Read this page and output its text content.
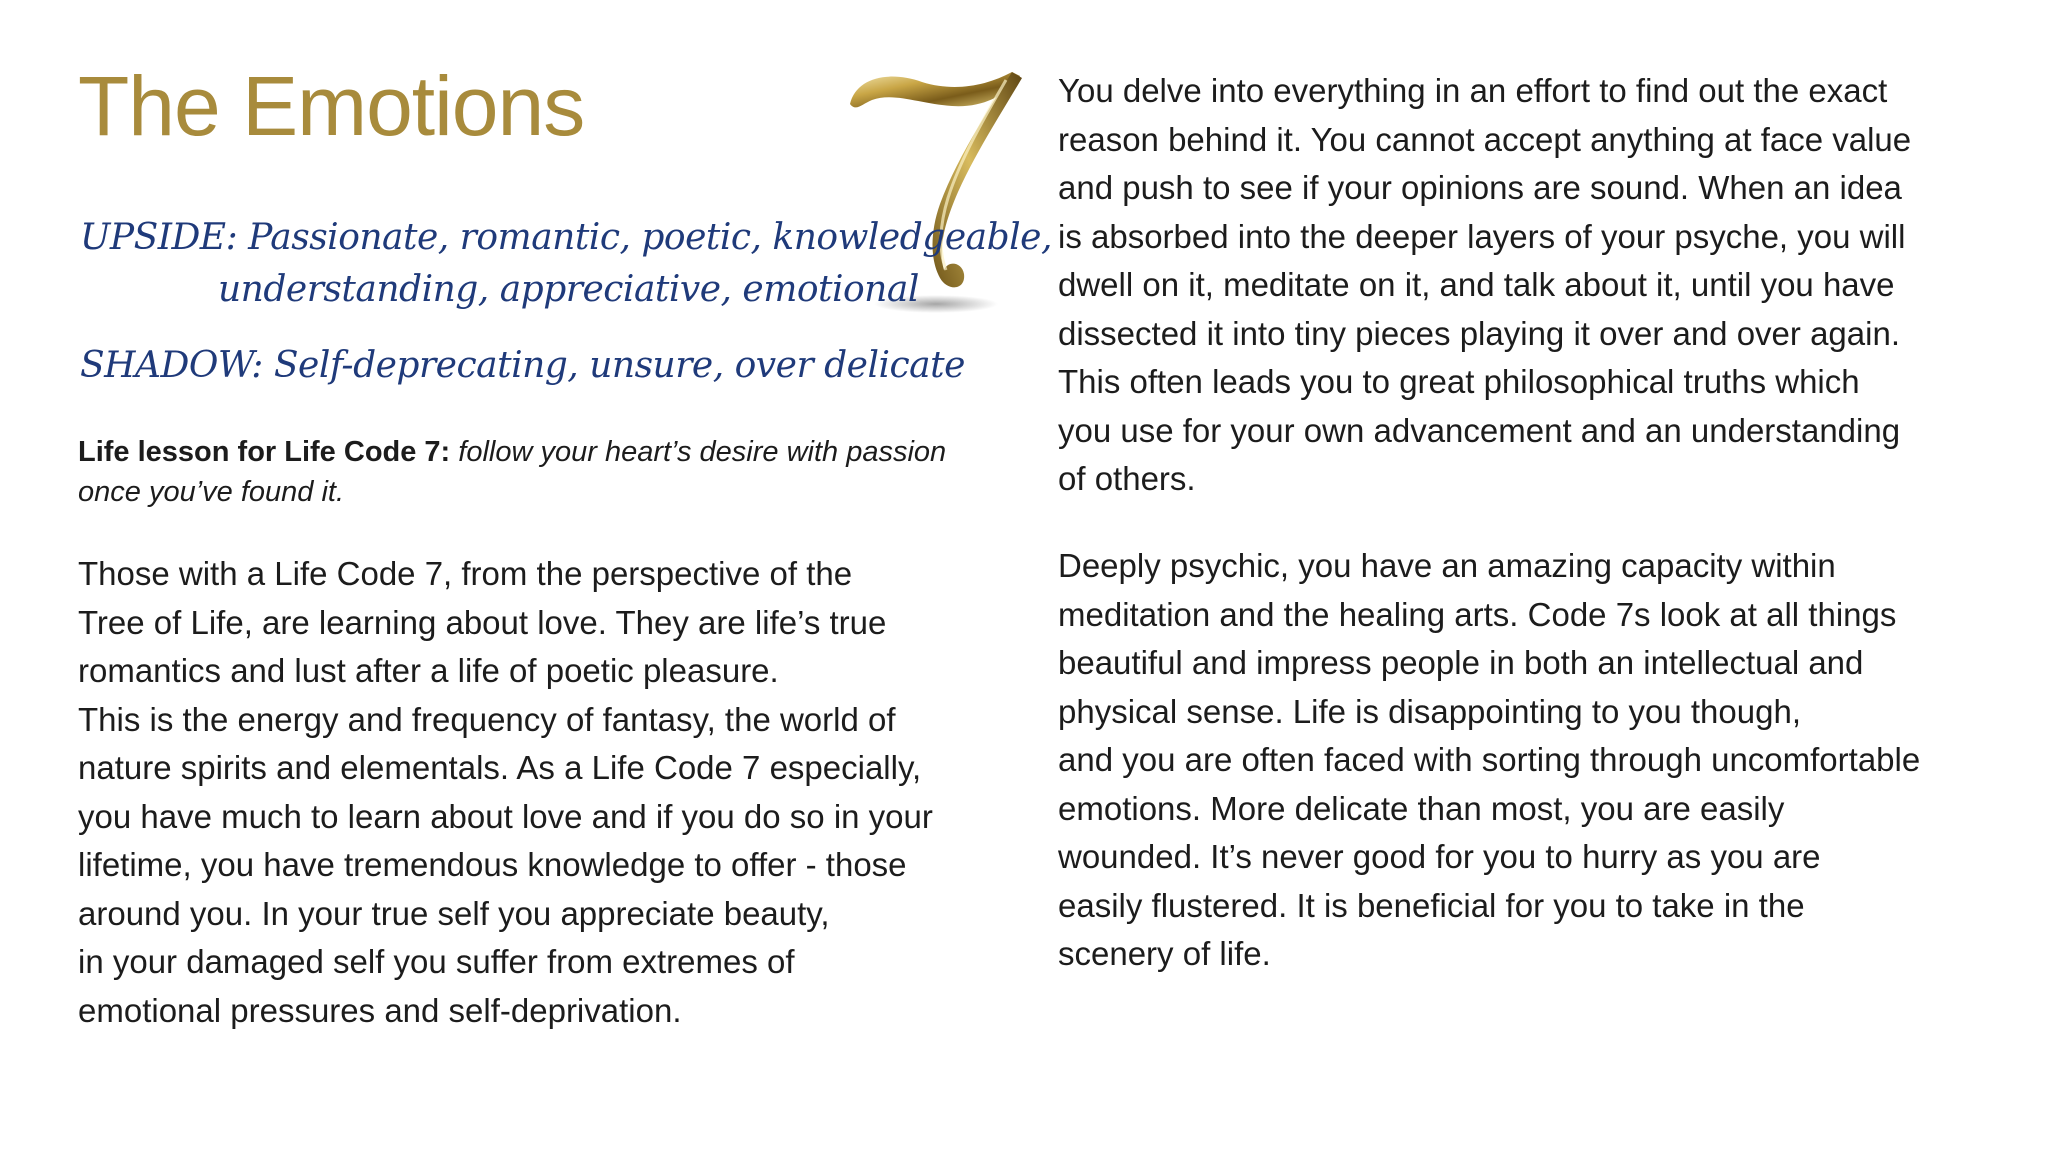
The Emotions
UPSIDE: Passionate, romantic, poetic, knowledgeable,
understanding, appreciative, emotional
SHADOW: Self-deprecating, unsure, over delicate
Life lesson for Life Code 7: follow your heart’s desire with passion
once you’ve found it.

Those with a Life Code 7, from the perspective of the
Tree of Life, are learning about love. They are life’s true
romantics and lust after a life of poetic pleasure.
This is the energy and frequency of fantasy, the world of
nature spirits and elementals. As a Life Code 7 especially,
you have much to learn about love and if you do so in your
lifetime, you have tremendous knowledge to offer - those
around you. In your true self you appreciate beauty,
in your damaged self you suffer from extremes of
emotional pressures and self-deprivation.

You delve into everything in an effort to find out the exact
reason behind it. You cannot accept anything at face value
and push to see if your opinions are sound. When an idea
is absorbed into the deeper layers of your psyche, you will
dwell on it, meditate on it, and talk about it, until you have
dissected it into tiny pieces playing it over and over again.
This often leads you to great philosophical truths which
you use for your own advancement and an understanding
of others.

Deeply psychic, you have an amazing capacity within
meditation and the healing arts. Code 7s look at all things
beautiful and impress people in both an intellectual and
physical sense. Life is disappointing to you though,
and you are often faced with sorting through uncomfortable
emotions. More delicate than most, you are easily
wounded. It’s never good for you to hurry as you are
easily flustered. It is beneficial for you to take in the
scenery of life.
